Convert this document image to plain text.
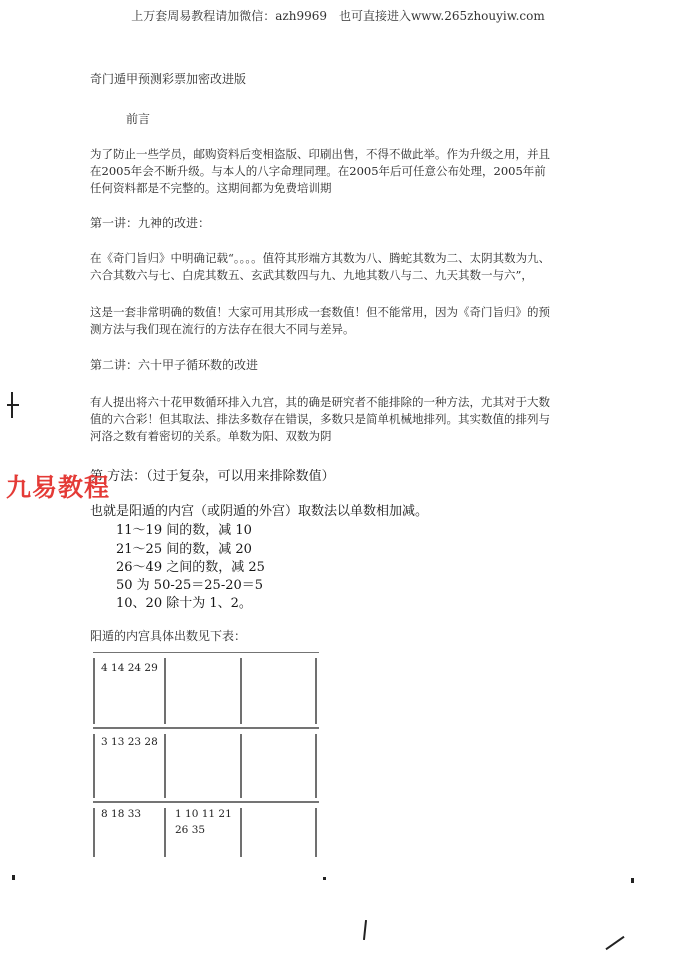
上万套周易教程请加微信：azh9969　也可直接进入www.265zhouyiw.com
奇门遁甲预测彩票加密改进版
前言
为了防止一些学员，邮购资料后变相盗版、印刷出售，不得不做此举。作为升级之用，并且
在2005年会不断升级。与本人的八字命理同理。在2005年后可任意公布处理，2005年前
任何资料都是不完整的。这期间都为免费培训期
第一讲：九神的改进：
在《奇门旨归》中明确记载“。。。。值符其形端方其数为八、腾蛇其数为二、太阴其数为九、
六合其数六与七、白虎其数五、玄武其数四与九、九地其数八与二、九天其数一与六”，
这是一套非常明确的数值！大家可用其形成一套数值！但不能常用，因为《奇门旨归》的预
测方法与我们现在流行的方法存在很大不同与差异。
第二讲：六十甲子循环数的改进
有人提出将六十花甲数循环排入九宫，其的确是研究者不能排除的一种方法，尤其对于大数
值的六合彩！但其取法、排法多数存在错误，多数只是简单机械地排列。其实数值的排列与
河洛之数有着密切的关系。单数为阳、双数为阴
第 方法：（过于复杂，可以用来排除数值）
九易教程
也就是阳遁的内宫（或阴遁的外宫）取数法以单数相加减。
11～19 间的数，减 10
21～25 间的数，减 20
26～49 之间的数，减 25
50 为 50-25＝25-20＝5
10、20 除十为 1、2。
阳遁的内宫具体出数见下表：
4 14 24 29
3 13 23 28
8 18 33	1 10 11 21
26 35
